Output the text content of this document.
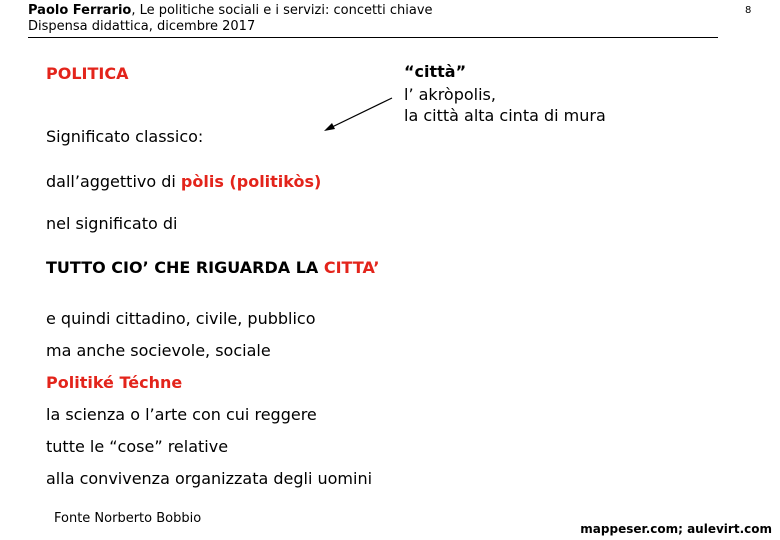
Paolo Ferrario, Le politiche sociali e i servizi: concetti chiave
Dispensa didattica, dicembre 2017
8
POLITICA	“città”
l’ akròpolis,
la città alta cinta di mura
Significato classico:
dall’aggettivo di pòlis (politikòs)
nel significato di
TUTTO CIO’ CHE RIGUARDA LA CITTA’
e quindi cittadino, civile, pubblico
ma anche socievole, sociale
Politiké Téchne
la scienza o l’arte con cui reggere
tutte le “cose” relative
alla convivenza organizzata degli uomini
Fonte Norberto Bobbio
mappeser.com; aulevirt.com
